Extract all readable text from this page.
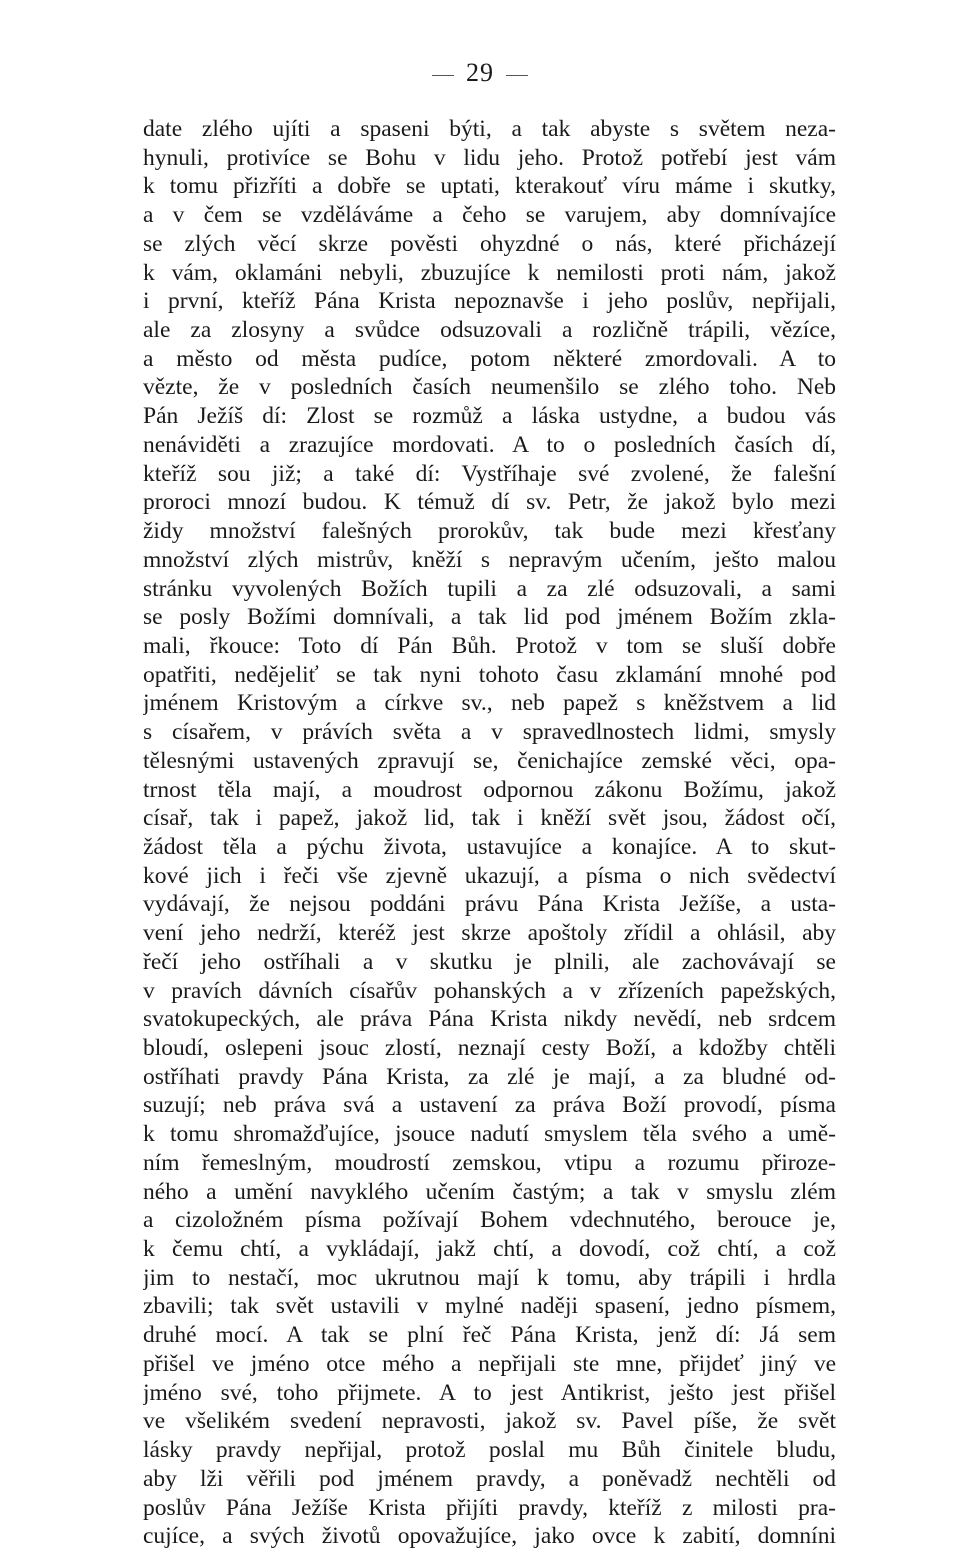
29
date zlého ujíti a spaseni býti, a tak abyste s světem neza-
hynuli, protivíce se Bohu v lidu jeho. Protož potřebí jest vám
k tomu přizříti a dobře se uptati, kterakouť víru máme i skutky,
a v čem se vzděláváme a čeho se varujem, aby domnívajíce
se zlých věcí skrze pověsti ohyzdné o nás, které přicházejí
k vám, oklamáni nebyli, zbuzujíce k nemilosti proti nám, jakož
i první, kteříž Pána Krista nepoznavše i jeho poslův, nepřijali,
ale za zlosyny a svůdce odsuzovali a rozličně trápili, vězíce,
a město od města pudíce, potom některé zmordovali. A to
vězte, že v posledních časích neumenšilo se zlého toho. Neb
Pán Ježíš dí: Zlost se rozmůž a láska ustydne, a budou vás
nenáviděti a zrazujíce mordovati. A to o posledních časích dí,
kteříž sou již; a také dí: Vystříhaje své zvolené, že falešní
proroci mnozí budou. K témuž dí sv. Petr, že jakož bylo mezi
židy množství falešných prorokův, tak bude mezi křesťany
množství zlých mistrův, kněží s nepravým učením, ješto malou
stránku vyvolených Božích tupili a za zlé odsuzovali, a sami
se posly Božími domnívali, a tak lid pod jménem Božím zkla-
mali, řkouce: Toto dí Pán Bůh. Protož v tom se sluší dobře
opatřiti, nedějeliť se tak nyni tohoto času zklamání mnohé pod
jménem Kristovým a církve sv., neb papež s kněžstvem a lid
s císařem, v právích světa a v spravedlnostech lidmi, smysly
tělesnými ustavených zpravují se, čenichajíce zemské věci, opa-
trnost těla mají, a moudrost odpornou zákonu Božímu, jakož
císař, tak i papež, jakož lid, tak i kněží svět jsou, žádost očí,
žádost těla a pýchu života, ustavujíce a konajíce. A to skut-
kové jich i řeči vše zjevně ukazují, a písma o nich svědectví
vydávají, že nejsou poddáni právu Pána Krista Ježíše, a usta-
vení jeho nedrží, kteréž jest skrze apoštoly zřídil a ohlásil, aby
řečí jeho ostříhali a v skutku je plnili, ale zachovávají se
v pravích dávních císařův pohanských a v zřízeních papežských,
svatokupeckých, ale práva Pána Krista nikdy nevědí, neb srdcem
bloudí, oslepeni jsouc zlostí, neznají cesty Boží, a kdožby chtěli
ostříhati pravdy Pána Krista, za zlé je mají, a za bludné od-
suzují; neb práva svá a ustavení za práva Boží provodí, písma
k tomu shromažďujíce, jsouce nadutí smyslem těla svého a umě-
ním řemeslným, moudrostí zemskou, vtipu a rozumu přiroze-
ného a umění navyklého učením častým; a tak v smyslu zlém
a cizoložném písma požívají Bohem vdechnutého, berouce je,
k čemu chtí, a vykládají, jakž chtí, a dovodí, což chtí, a což
jim to nestačí, moc ukrutnou mají k tomu, aby trápili i hrdla
zbavili; tak svět ustavili v mylné naději spasení, jedno písmem,
druhé mocí. A tak se plní řeč Pána Krista, jenž dí: Já sem
přišel ve jméno otce mého a nepřijali ste mne, přijdeť jiný ve
jméno své, toho přijmete. A to jest Antikrist, ješto jest přišel
ve všelikém svedení nepravosti, jakož sv. Pavel píše, že svět
lásky pravdy nepřijal, protož poslal mu Bůh činitele bludu,
aby lži věřili pod jménem pravdy, a poněvadž nechtěli od
poslův Pána Ježíše Krista přijíti pravdy, kteříž z milosti pra-
cujíce, a svých životů opovažujíce, jako ovce k zabití, domníni
